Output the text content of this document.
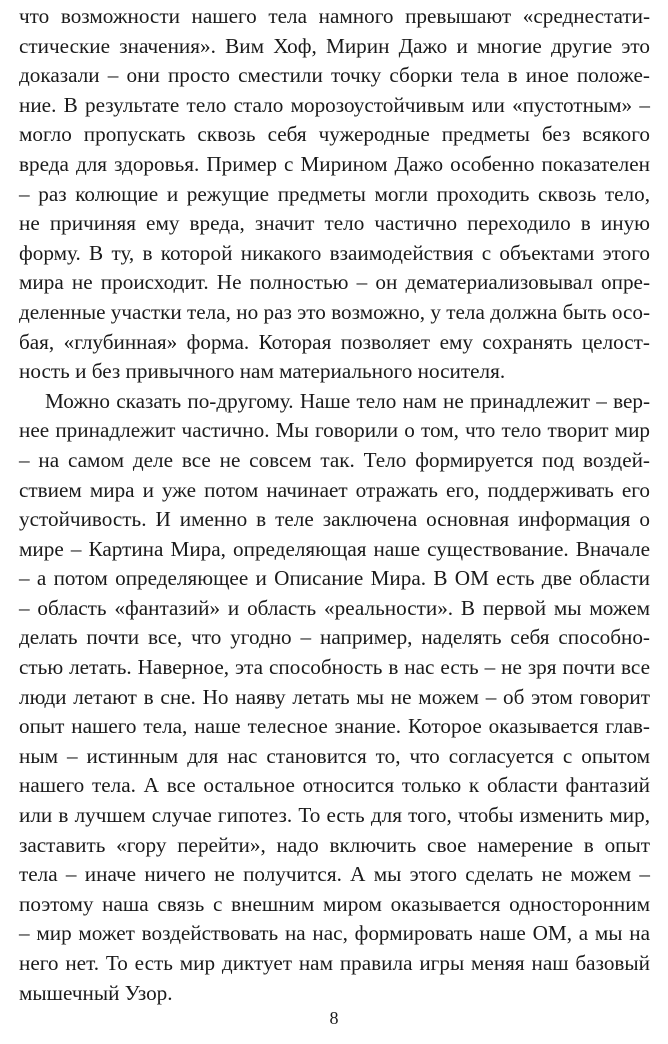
что возможности нашего тела намного превышают «среднестати-
стические значения». Вим Хоф, Мирин Дажо и многие другие это
доказали – они просто сместили точку сборки тела в иное положе-
ние. В результате тело стало морозоустойчивым или «пустотным» –
могло пропускать сквозь себя чужеродные предметы без всякого
вреда для здоровья. Пример с Мирином Дажо особенно показателен
– раз колющие и режущие предметы могли проходить сквозь тело,
не причиняя ему вреда, значит тело частично переходило в иную
форму. В ту, в которой никакого взаимодействия с объектами этого
мира не происходит. Не полностью – он дематериализовывал опре-
деленные участки тела, но раз это возможно, у тела должна быть осо-
бая, «глубинная» форма. Которая позволяет ему сохранять целост-
ность и без привычного нам материального носителя.
Можно сказать по-другому. Наше тело нам не принадлежит – вер-
нее принадлежит частично. Мы говорили о том, что тело творит мир
– на самом деле все не совсем так. Тело формируется под воздей-
ствием мира и уже потом начинает отражать его, поддерживать его
устойчивость. И именно в теле заключена основная информация о
мире – Картина Мира, определяющая наше существование. Вначале
– а потом определяющее и Описание Мира. В ОМ есть две области
– область «фантазий» и область «реальности». В первой мы можем
делать почти все, что угодно – например, наделять себя способно-
стью летать. Наверное, эта способность в нас есть – не зря почти все
люди летают в сне. Но наяву летать мы не можем – об этом говорит
опыт нашего тела, наше телесное знание. Которое оказывается глав-
ным – истинным для нас становится то, что согласуется с опытом
нашего тела. А все остальное относится только к области фантазий
или в лучшем случае гипотез. То есть для того, чтобы изменить мир,
заставить «гору перейти», надо включить свое намерение в опыт
тела – иначе ничего не получится. А мы этого сделать не можем –
поэтому наша связь с внешним миром оказывается односторонним
– мир может воздействовать на нас, формировать наше ОМ, а мы на
него нет. То есть мир диктует нам правила игры меняя наш базовый
мышечный Узор.
8
